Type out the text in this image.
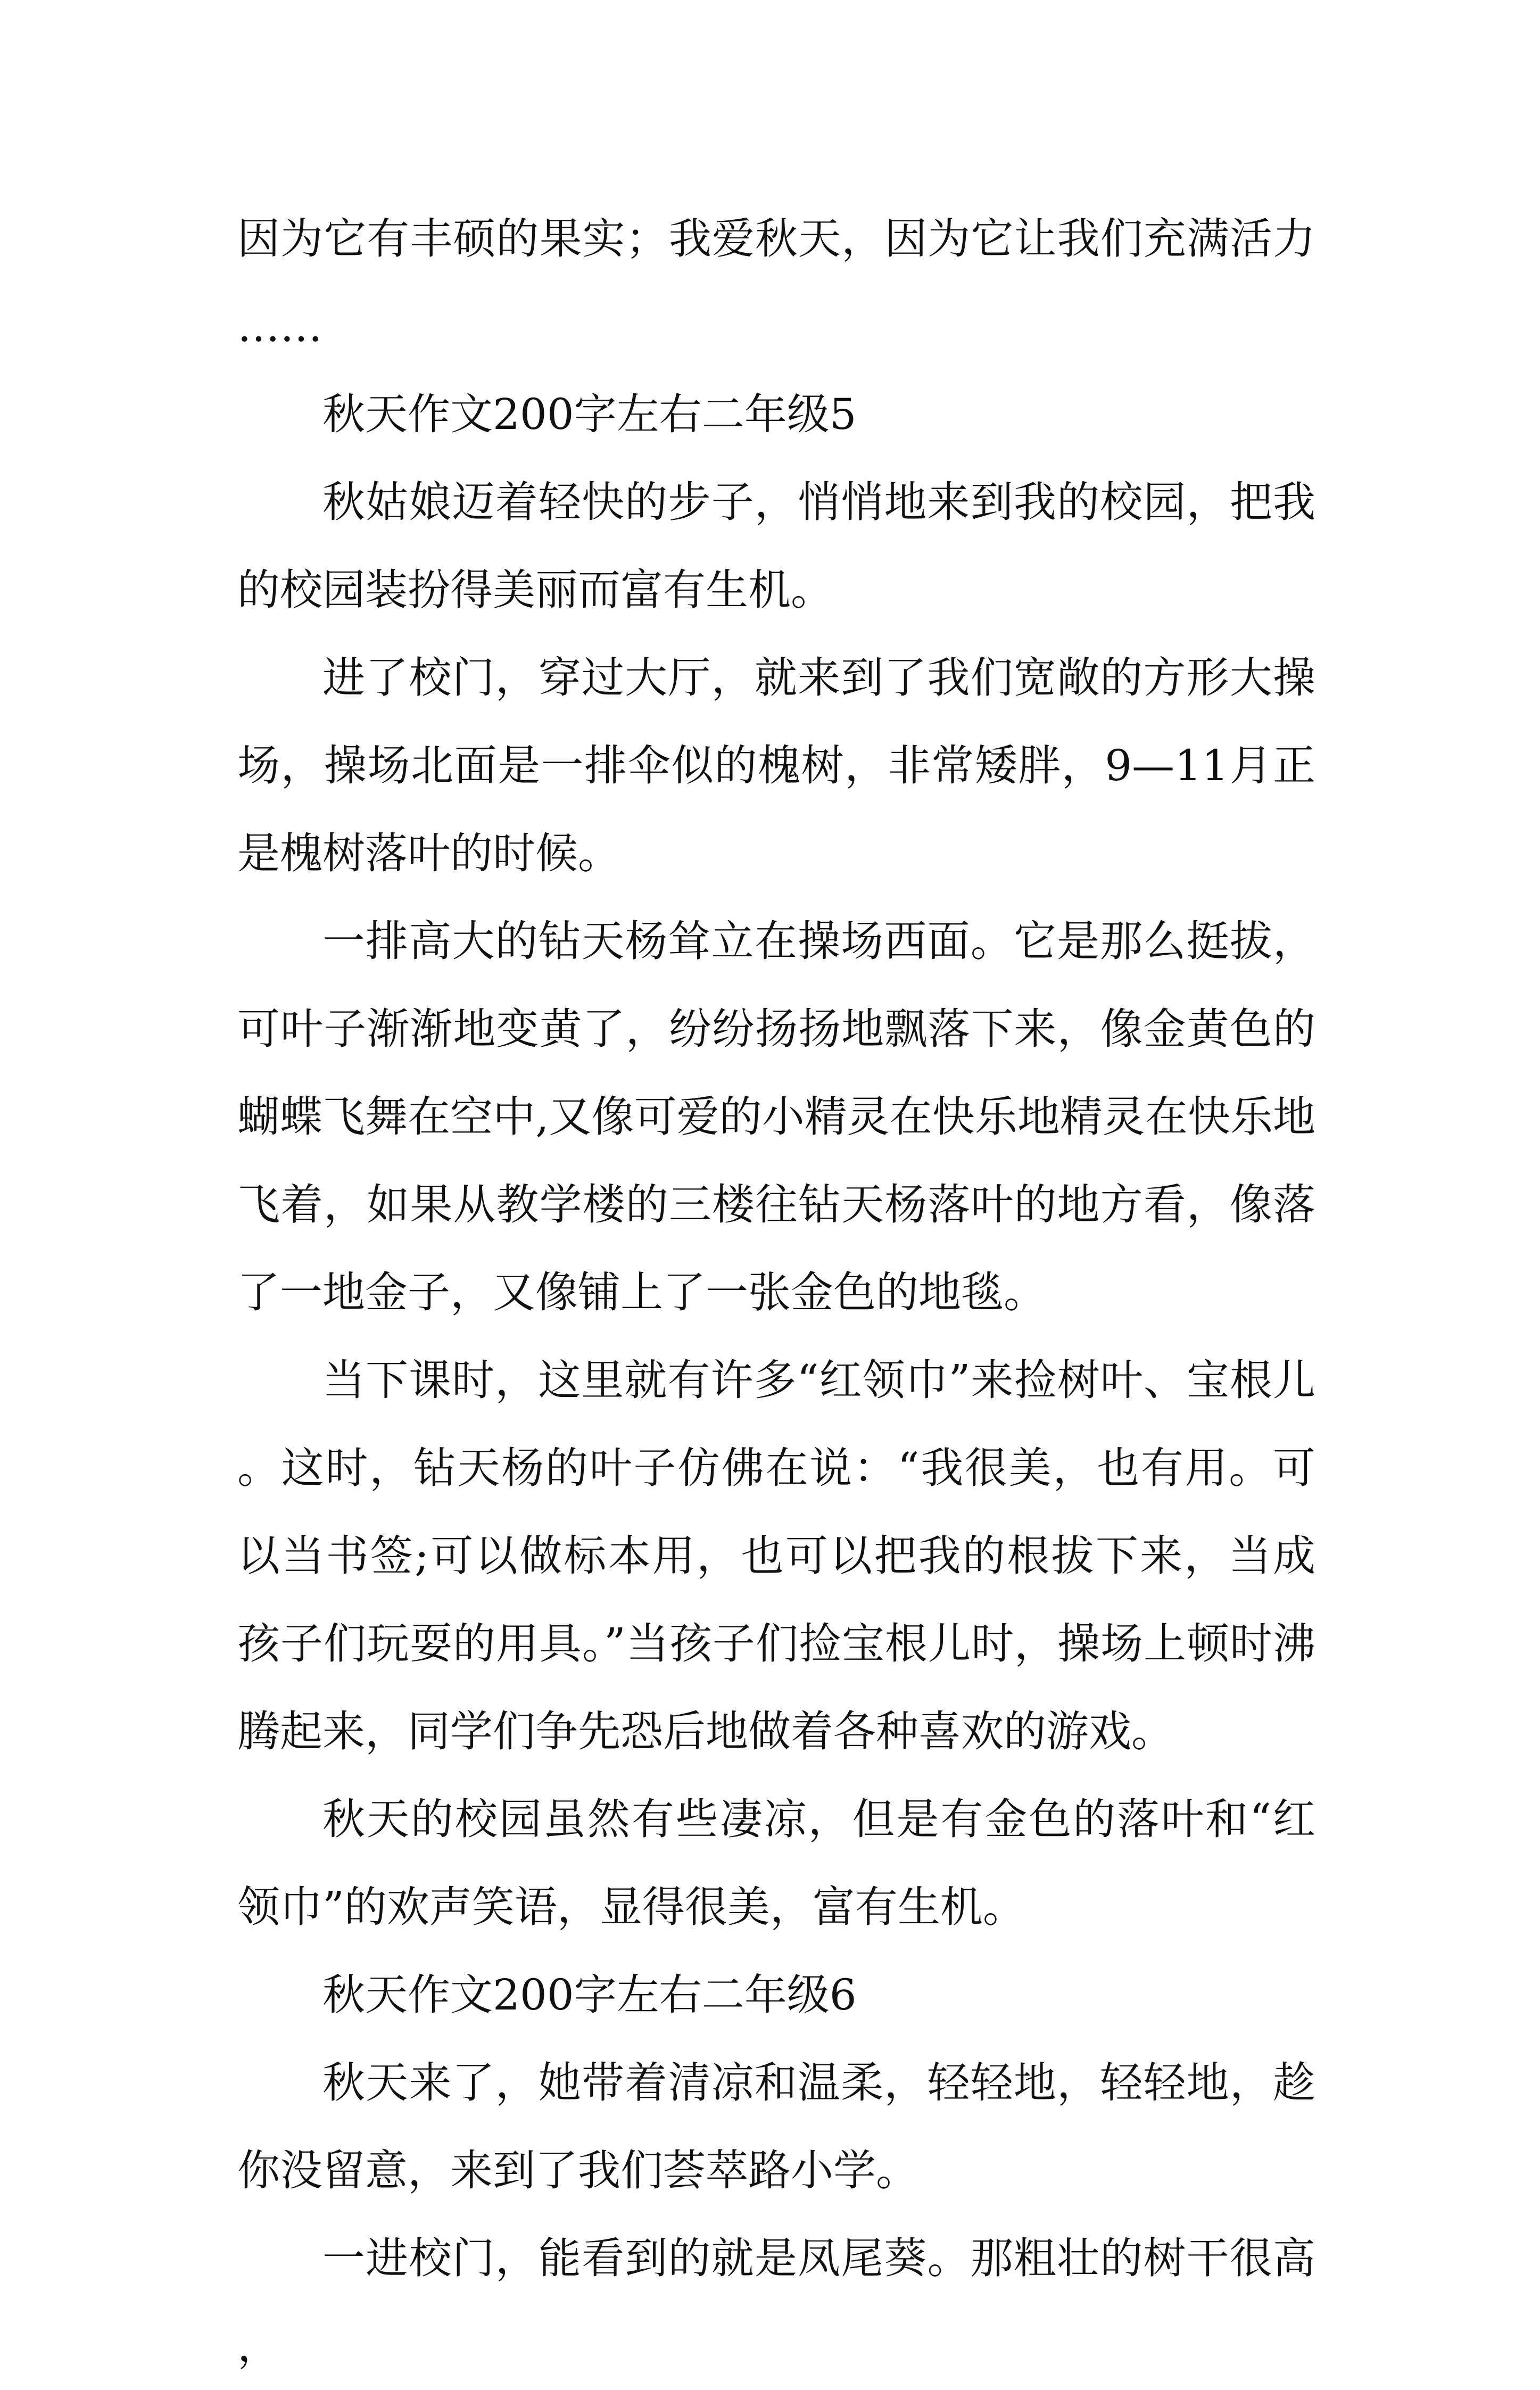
因为它有丰硕的果实；我爱秋天，因为它让我们充满活力……

秋天作文200字左右二年级5

秋姑娘迈着轻快的步子，悄悄地来到我的校园，把我的校园装扮得美丽而富有生机。

进了校门，穿过大厅，就来到了我们宽敞的方形大操场，操场北面是一排伞似的槐树，非常矮胖，9—11月正是槐树落叶的时候。

一排高大的钻天杨耸立在操场西面。它是那么挺拔，可叶子渐渐地变黄了，纷纷扬扬地飘落下来，像金黄色的蝴蝶飞舞在空中,又像可爱的小精灵在快乐地精灵在快乐地飞着，如果从教学楼的三楼往钻天杨落叶的地方看，像落了一地金子，又像铺上了一张金色的地毯。

当下课时，这里就有许多“红领巾”来捡树叶、宝根儿。这时，钻天杨的叶子仿佛在说：“我很美，也有用。可以当书签;可以做标本用，也可以把我的根拔下来，当成孩子们玩耍的用具。”当孩子们捡宝根儿时，操场上顿时沸腾起来，同学们争先恐后地做着各种喜欢的游戏。

秋天的校园虽然有些凄凉，但是有金色的落叶和“红领巾”的欢声笑语，显得很美，富有生机。

秋天作文200字左右二年级6

秋天来了，她带着清凉和温柔，轻轻地，轻轻地，趁你没留意，来到了我们荟萃路小学。

一进校门，能看到的就是凤尾葵。那粗壮的树干很高，
